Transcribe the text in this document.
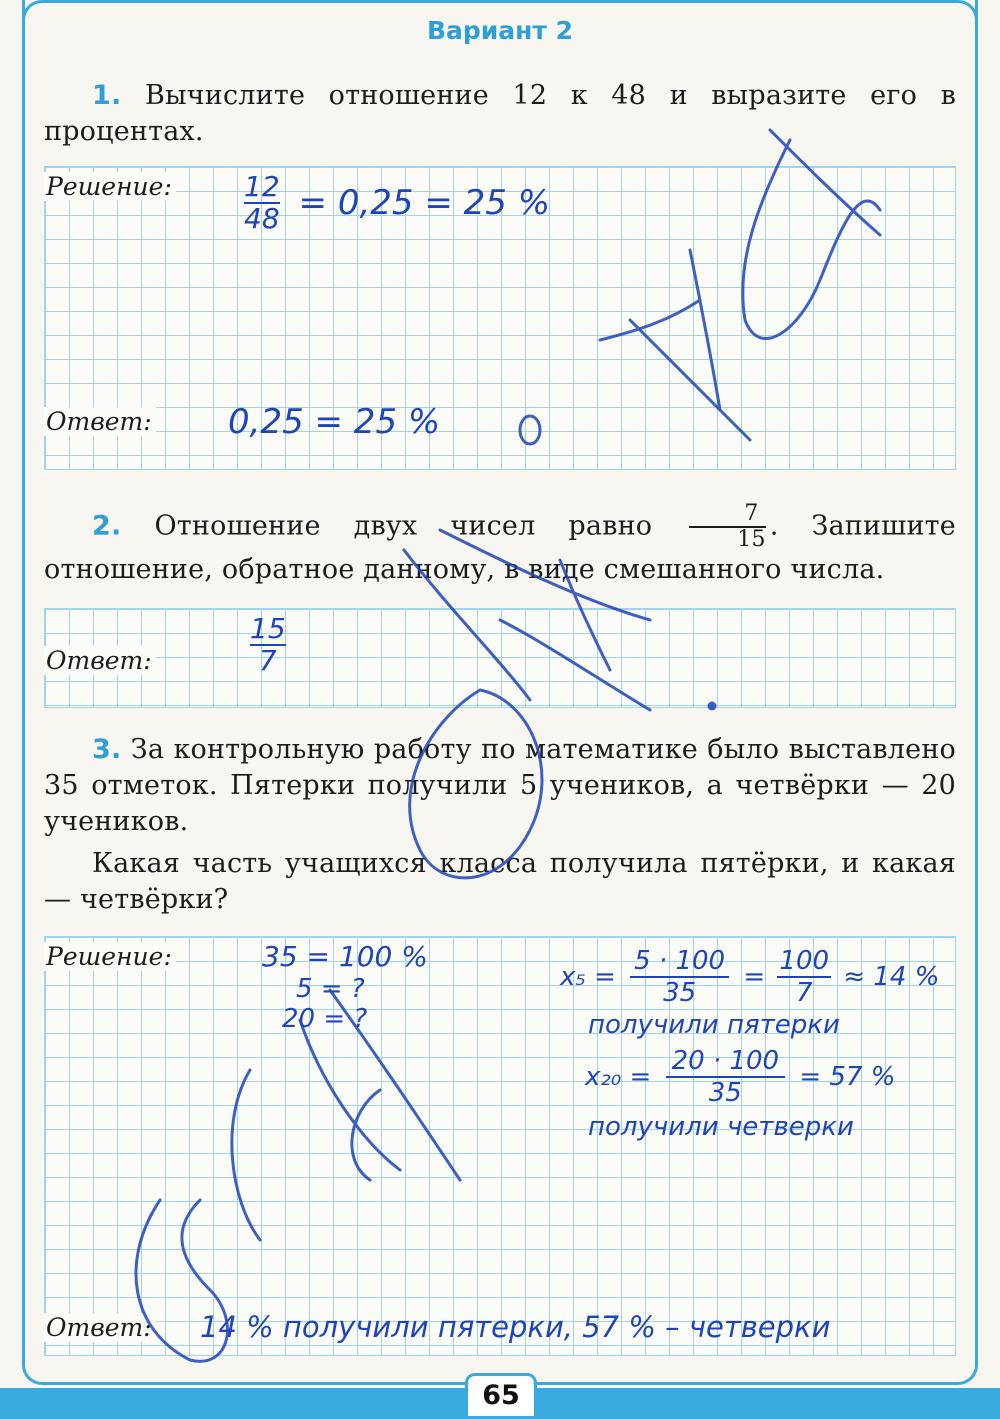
Вариант 2
1. Вычислите отношение 12 к 48 и выразите его в процентах.
Решение:
Ответ:
$\frac{12}{48} = 0,25 = 25$ %
0,25 = 25 %
2. Отношение двух чисел равно $\frac{7}{15}$ . Запишите отношение, обратное данному, в виде смешанного числа.
Ответ:	$\frac{15}{7}$
3. За контрольную работу по математике было выставлено 35 отметок. Пятерки получили 5 учеников, а четвёрки — 20 учеников.
Какая часть учащихся класса получила пятёрки, и какая — четвёрки?
Решение:
Ответ:
35 = 100 %
5 = ?
20 = ?
$x_5 = \frac{5 \cdot 100}{35} = \frac{100}{7} \approx 14$ %
получили пятерки
$x_{20} = \frac{20 \cdot 100}{35} = 57$ %
получили четверки
14 % получили пятерки, 57 % – четверки
65
